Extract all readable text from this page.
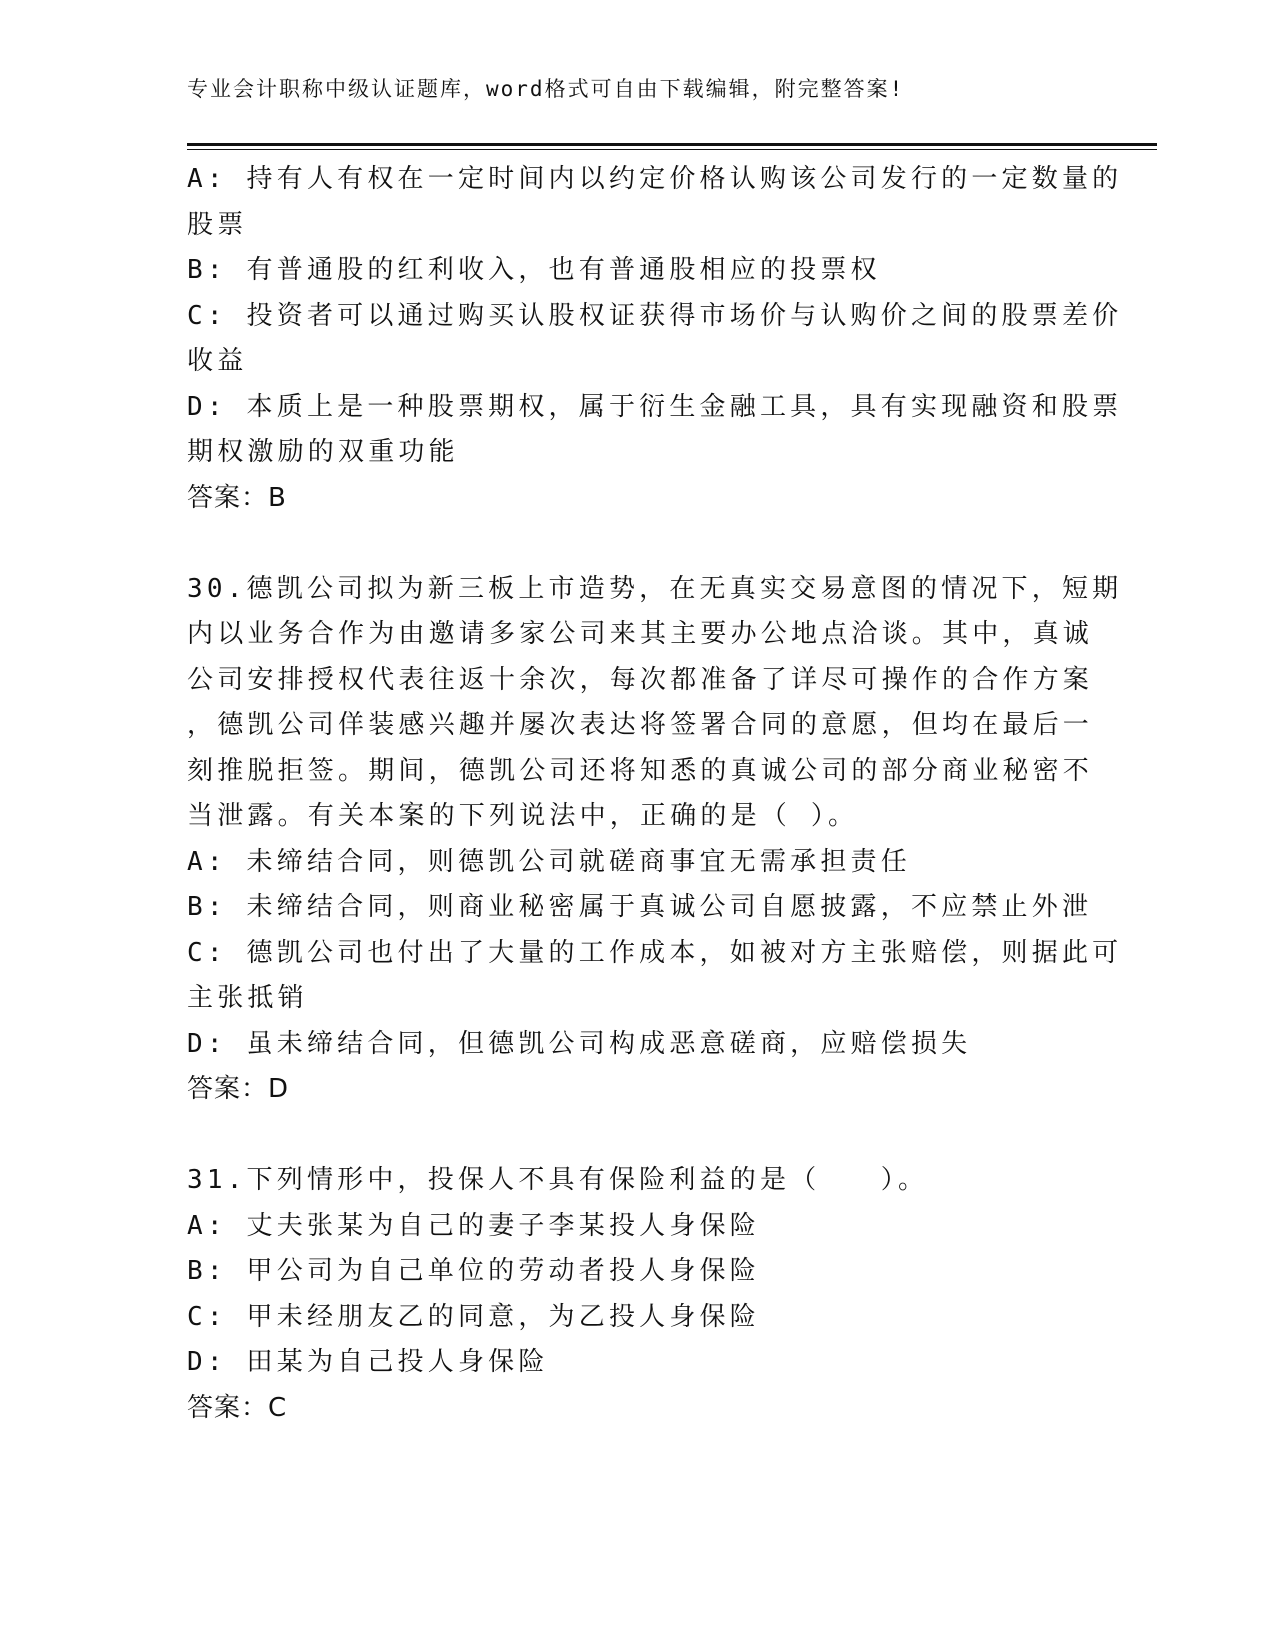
专业会计职称中级认证题库，word格式可自由下载编辑，附完整答案!
A: 持有人有权在一定时间内以约定价格认购该公司发行的一定数量的
股票
B: 有普通股的红利收入，也有普通股相应的投票权
C: 投资者可以通过购买认股权证获得市场价与认购价之间的股票差价
收益
D: 本质上是一种股票期权，属于衍生金融工具，具有实现融资和股票
期权激励的双重功能
答案：B
30.德凯公司拟为新三板上市造势，在无真实交易意图的情况下，短期
内以业务合作为由邀请多家公司来其主要办公地点洽谈。其中，真诚
公司安排授权代表往返十余次，每次都准备了详尽可操作的合作方案
，德凯公司佯装感兴趣并屡次表达将签署合同的意愿，但均在最后一
刻推脱拒签。期间，德凯公司还将知悉的真诚公司的部分商业秘密不
当泄露。有关本案的下列说法中，正确的是（ ）。
A: 未缔结合同，则德凯公司就磋商事宜无需承担责任
B: 未缔结合同，则商业秘密属于真诚公司自愿披露，不应禁止外泄
C: 德凯公司也付出了大量的工作成本，如被对方主张赔偿，则据此可
主张抵销
D: 虽未缔结合同，但德凯公司构成恶意磋商，应赔偿损失
答案：D
31.下列情形中，投保人不具有保险利益的是（　　）。
A: 丈夫张某为自己的妻子李某投人身保险
B: 甲公司为自己单位的劳动者投人身保险
C: 甲未经朋友乙的同意，为乙投人身保险
D: 田某为自己投人身保险
答案：C
